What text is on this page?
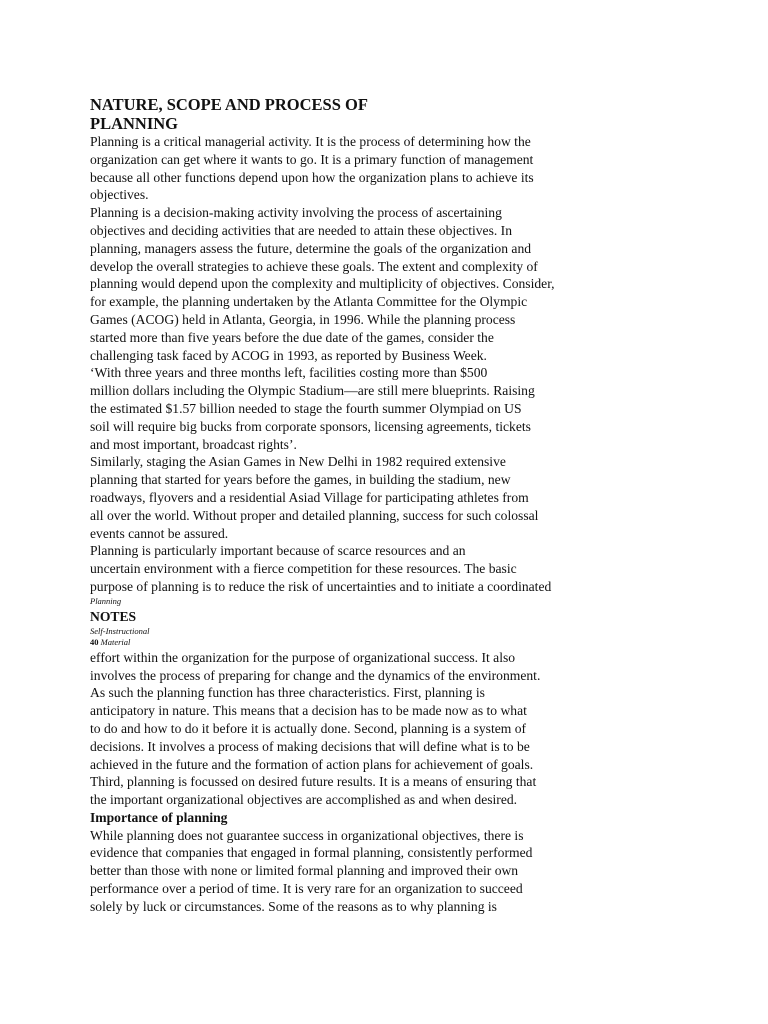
NATURE, SCOPE AND PROCESS OF
PLANNING

Planning is a critical managerial activity. It is the process of determining how the
organization can get where it wants to go. It is a primary function of management
because all other functions depend upon how the organization plans to achieve its
objectives.

Planning is a decision-making activity involving the process of ascertaining
objectives and deciding activities that are needed to attain these objectives. In
planning, managers assess the future, determine the goals of the organization and
develop the overall strategies to achieve these goals. The extent and complexity of
planning would depend upon the complexity and multiplicity of objectives. Consider,
for example, the planning undertaken by the Atlanta Committee for the Olympic
Games (ACOG) held in Atlanta, Georgia, in 1996. While the planning process
started more than five years before the due date of the games, consider the
challenging task faced by ACOG in 1993, as reported by Business Week.

‘With three years and three months left, facilities costing more than $500
million dollars including the Olympic Stadium—are still mere blueprints. Raising
the estimated $1.57 billion needed to stage the fourth summer Olympiad on US
soil will require big bucks from corporate sponsors, licensing agreements, tickets
and most important, broadcast rights’.

Similarly, staging the Asian Games in New Delhi in 1982 required extensive
planning that started for years before the games, in building the stadium, new
roadways, flyovers and a residential Asiad Village for participating athletes from
all over the world. Without proper and detailed planning, success for such colossal
events cannot be assured.

Planning is particularly important because of scarce resources and an
uncertain environment with a fierce competition for these resources. The basic
purpose of planning is to reduce the risk of uncertainties and to initiate a coordinated

Planning
NOTES
Self-Instructional
40 Material

effort within the organization for the purpose of organizational success. It also
involves the process of preparing for change and the dynamics of the environment.
As such the planning function has three characteristics. First, planning is
anticipatory in nature. This means that a decision has to be made now as to what
to do and how to do it before it is actually done. Second, planning is a system of
decisions. It involves a process of making decisions that will define what is to be
achieved in the future and the formation of action plans for achievement of goals.
Third, planning is focussed on desired future results. It is a means of ensuring that
the important organizational objectives are accomplished as and when desired.

Importance of planning

While planning does not guarantee success in organizational objectives, there is
evidence that companies that engaged in formal planning, consistently performed
better than those with none or limited formal planning and improved their own
performance over a period of time. It is very rare for an organization to succeed
solely by luck or circumstances. Some of the reasons as to why planning is
